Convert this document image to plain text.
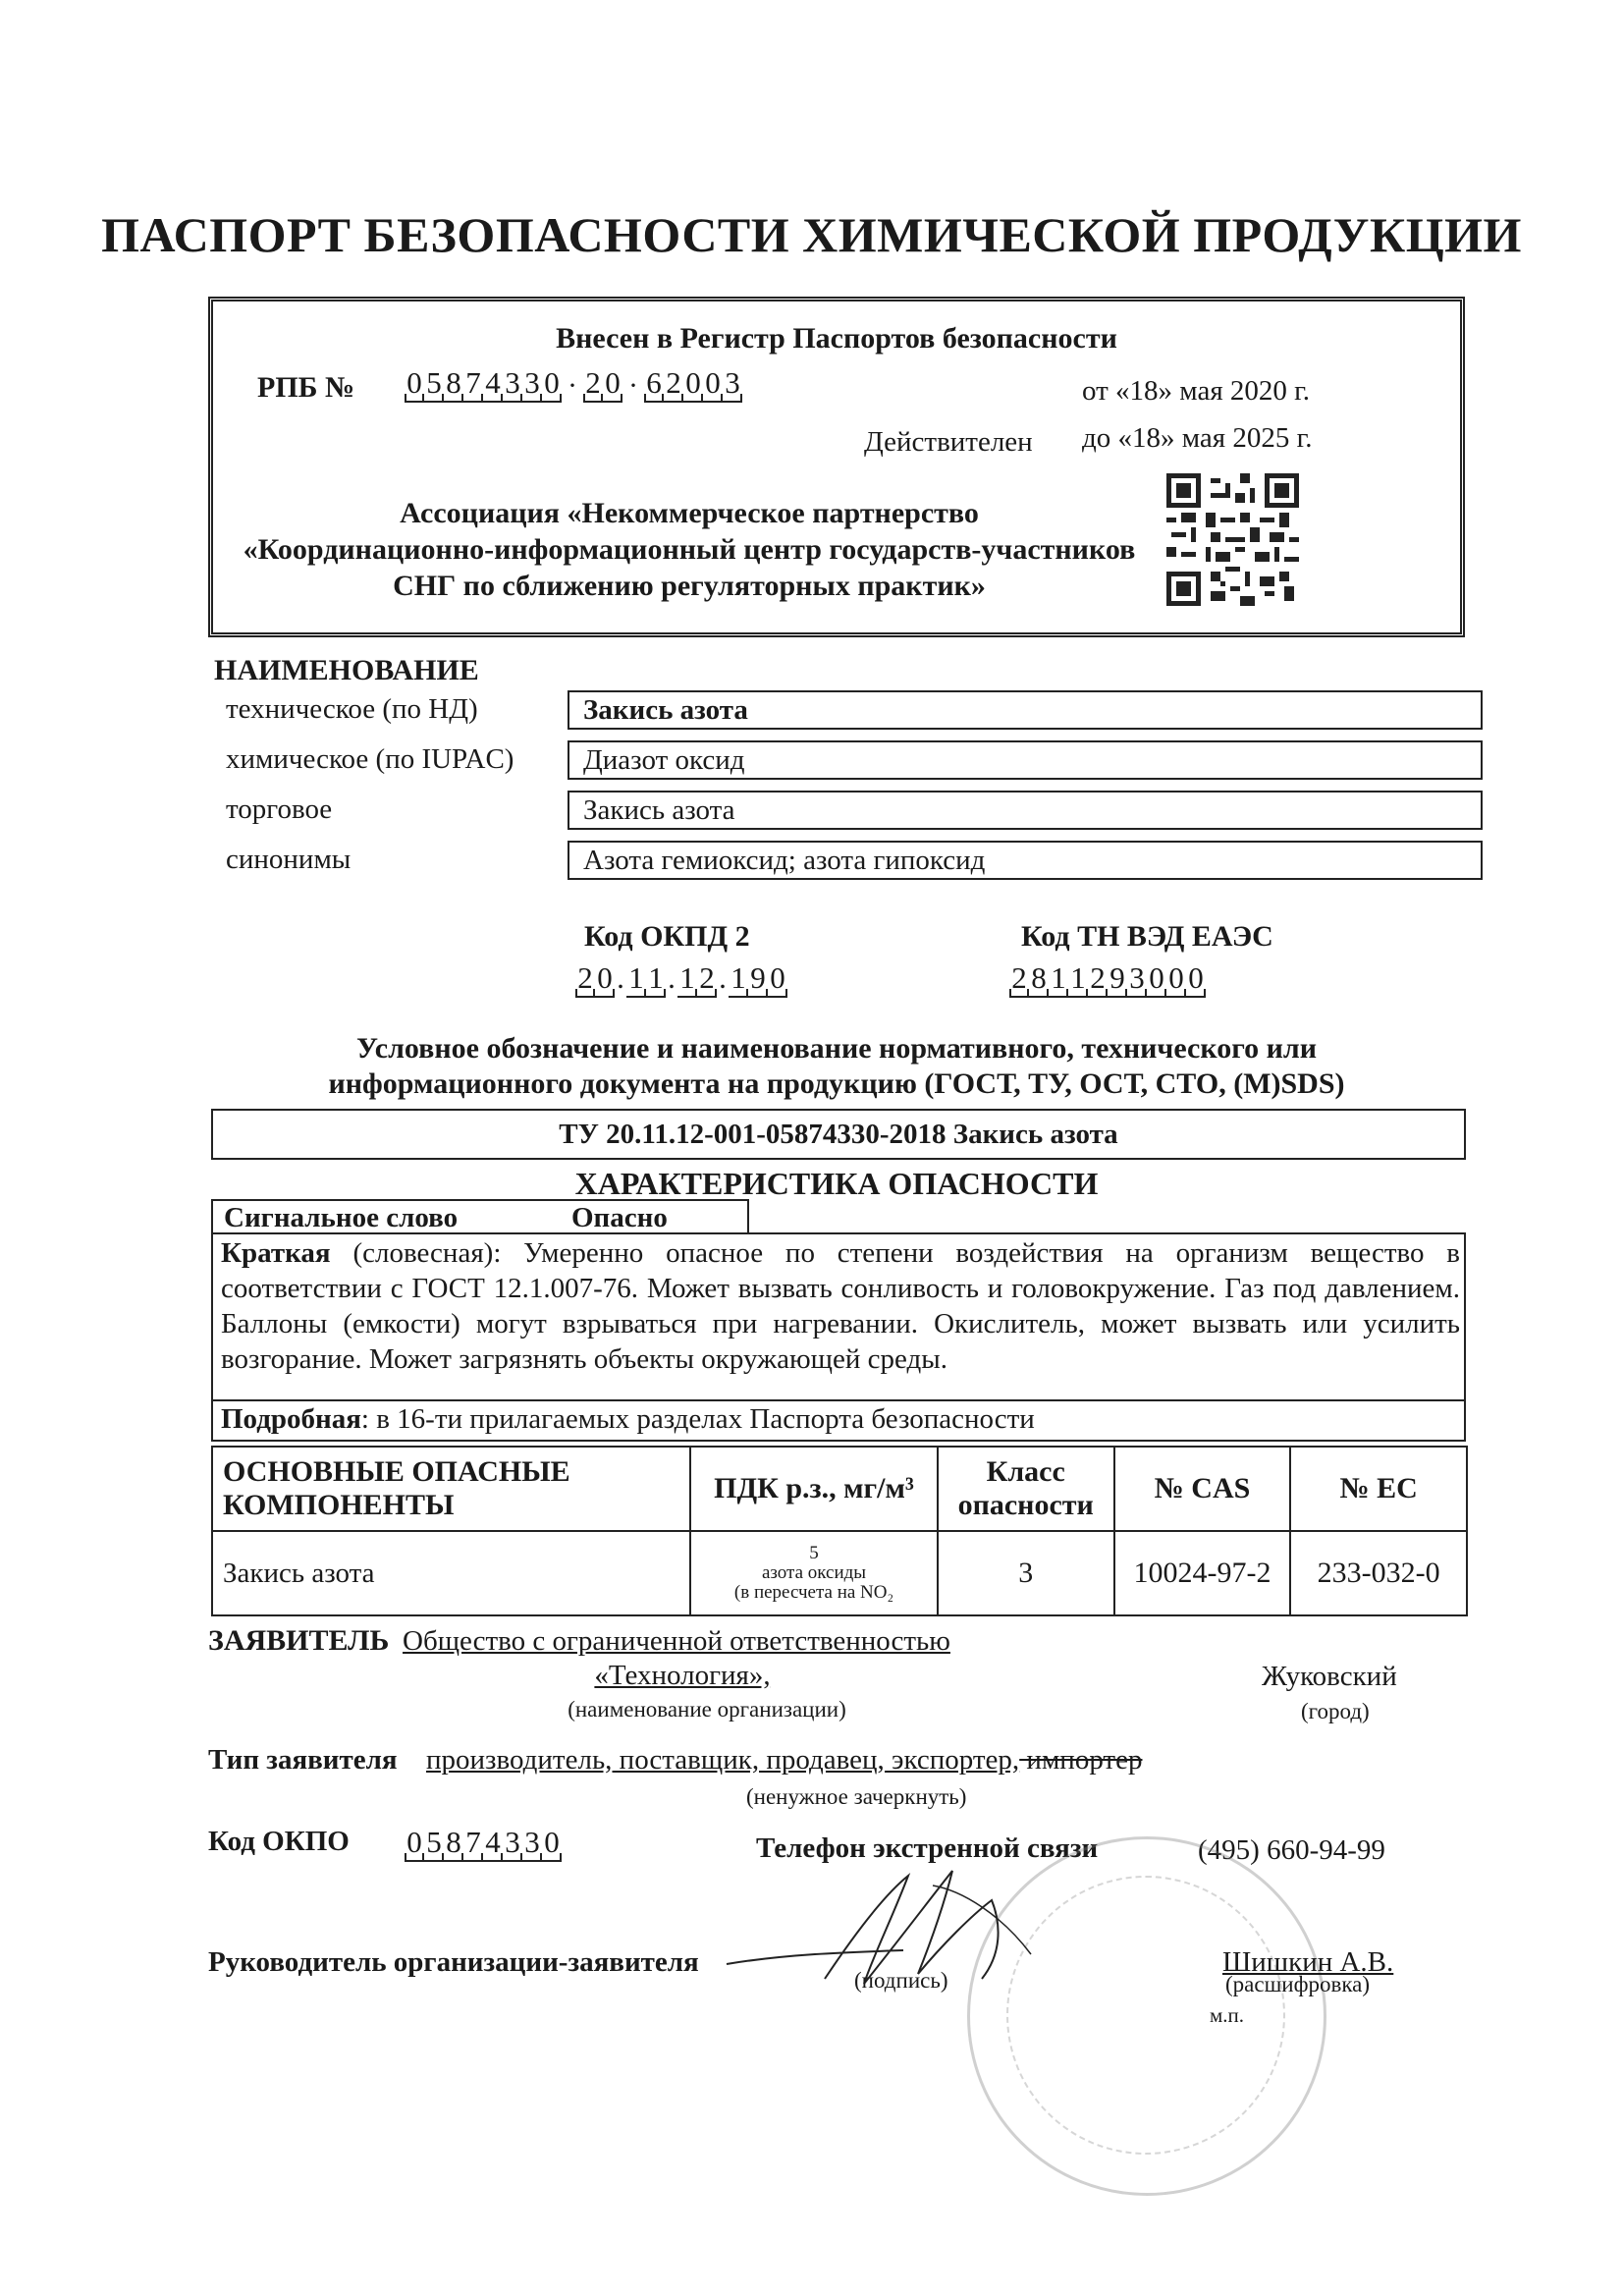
ПАСПОРТ БЕЗОПАСНОСТИ ХИМИЧЕСКОЙ ПРОДУКЦИИ
Внесен в Регистр Паспортов безопасности
РПБ № 0 5 8 7 4 3 3 0 · 2 0 · 6 2 0 0 3	от «18» мая 2020 г.
Действителен до «18» мая 2025 г.
Ассоциация «Некоммерческое партнерство
«Координационно-информационный центр государств-участников
СНГ по сближению регуляторных практик»
НАИМЕНОВАНИЕ
техническое (по НД)	Закись азота
химическое (по IUPAC)	Диазот оксид
торговое	Закись азота
синонимы	Азота гемиоксид; азота гипоксид
Код ОКПД 2
2 0 . 1 1 . 1 2 . 1 9 0
Код ТН ВЭД ЕАЭС
2 8 1 1 2 9 3 0 0 0
Условное обозначение и наименование нормативного, технического или
информационного документа на продукцию (ГОСТ, ТУ, ОСТ, СТО, (М)SDS)
ТУ 20.11.12-001-05874330-2018 Закись азота
ХАРАКТЕРИСТИКА ОПАСНОСТИ
Сигнальное слово	Опасно
Краткая (словесная): Умеренно опасное по степени воздействия на организм вещество в соответствии с ГОСТ 12.1.007-76. Может вызвать сонливость и головокружение. Газ под давлением. Баллоны (емкости) могут взрываться при нагревании. Окислитель, может вызвать или усилить возгорание. Может загрязнять объекты окружающей среды.
Подробная: в 16-ти прилагаемых разделах Паспорта безопасности
ОСНОВНЫЕ ОПАСНЫЕ КОМПОНЕНТЫ	ПДК р.з., мг/м³	Класс опасности	№ CAS	№ ЕС
Закись азота	5
азота оксиды
(в пересчета на NO₂	3	10024-97-2	233-032-0
ЗАЯВИТЕЛЬ Общество с ограниченной ответственностью
«Технология»,
(наименование организации)
Жуковский
(город)
Тип заявителя производитель, поставщик, продавец, экспортер, импортер
(ненужное зачеркнуть)
Код ОКПО 0 5 8 7 4 3 3 0	Телефон экстренной связи	(495) 660-94-99
Руководитель организации-заявителя
(подпись)
Шишкин А.В.
(расшифровка)
м.п.
